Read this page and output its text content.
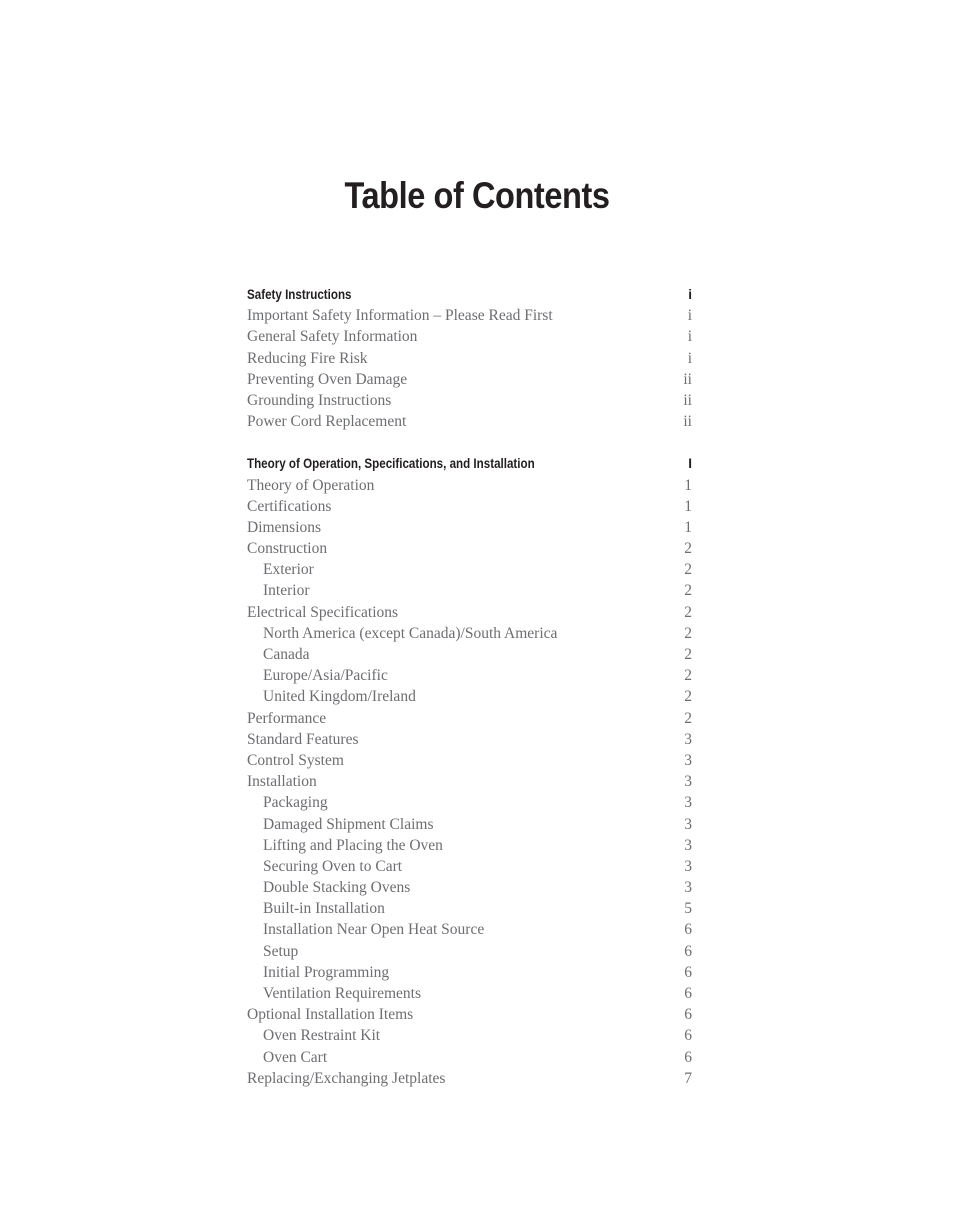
Table of Contents
Safety Instructions	i
Important Safety Information – Please Read First	i
General Safety Information	i
Reducing Fire Risk	i
Preventing Oven Damage	ii
Grounding Instructions	ii
Power Cord Replacement	ii
Theory of Operation, Specifications, and Installation	I
Theory of Operation	1
Certifications	1
Dimensions	1
Construction	2
Exterior	2
Interior	2
Electrical Specifications	2
North America (except Canada)/South America	2
Canada	2
Europe/Asia/Pacific	2
United Kingdom/Ireland	2
Performance	2
Standard Features	3
Control System	3
Installation	3
Packaging	3
Damaged Shipment Claims	3
Lifting and Placing the Oven	3
Securing Oven to Cart	3
Double Stacking Ovens	3
Built-in Installation	5
Installation Near Open Heat Source	6
Setup	6
Initial Programming	6
Ventilation Requirements	6
Optional Installation Items	6
Oven Restraint Kit	6
Oven Cart	6
Replacing/Exchanging Jetplates	7
